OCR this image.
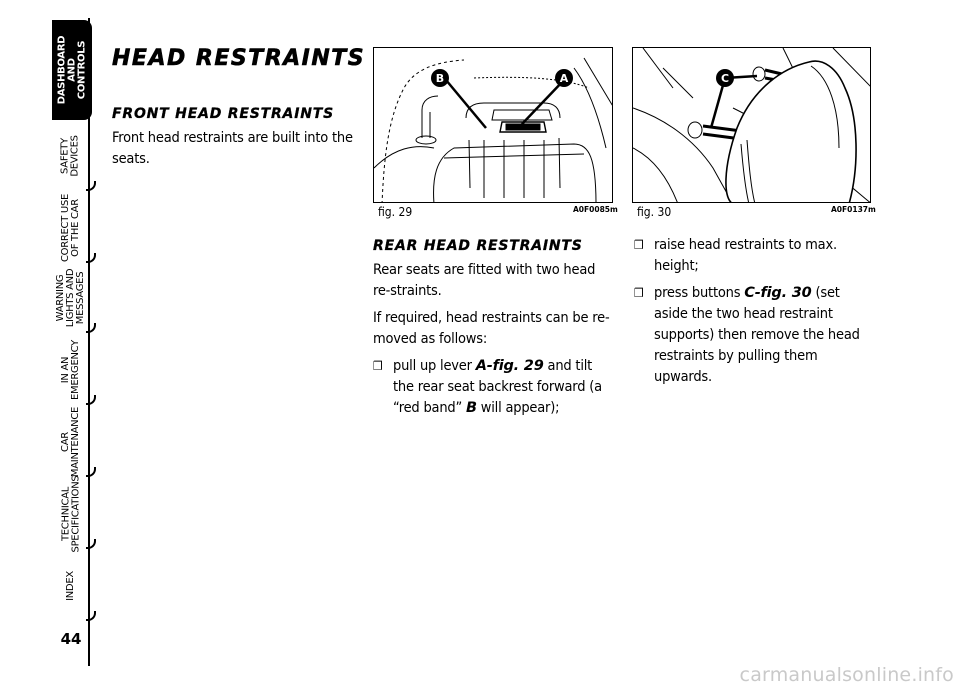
DASHBOARD
AND
CONTROLS
SAFETY
DEVICES
CORRECT USE
OF THE CAR
WARNING
LIGHTS AND
MESSAGES
IN AN
EMERGENCY
CAR
MAINTENANCE
TECHNICAL
SPECIFICATIONS
INDEX
44
HEAD RESTRAINTS
FRONT HEAD RESTRAINTS

Front head restraints are built into the seats.

B	A
fig. 29	A0F0085m
C
fig. 30	A0F0137m
REAR HEAD RESTRAINTS

Rear seats are fitted with two head re-straints.

If required, head restraints can be re-moved as follows:

❒ pull up lever A-fig. 29 and tilt the rear seat backrest forward (a “red band” B will appear);
❒ raise head restraints to max. height;
❒ press buttons C-fig. 30 (set aside the two head restraint supports) then remove the head restraints by pulling them upwards.
carmanualsonline.info
